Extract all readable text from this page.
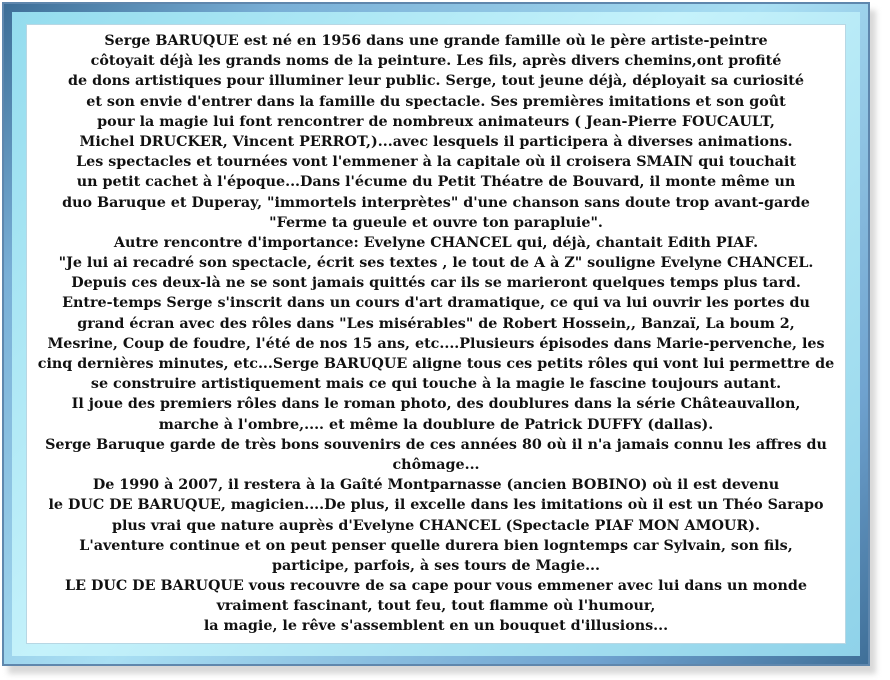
Serge BARUQUE est né en 1956 dans une grande famille où le père artiste-peintre
côtoyait déjà les grands noms de la peinture. Les fils, après divers chemins,ont profité
de dons artistiques pour illuminer leur public. Serge, tout jeune déjà, déployait sa curiosité
et son envie d'entrer dans la famille du spectacle. Ses premières imitations et son goût
pour la magie lui font rencontrer de nombreux animateurs ( Jean-Pierre FOUCAULT,
Michel DRUCKER, Vincent PERROT,)...avec lesquels il participera à diverses animations.
Les spectacles et tournées vont l'emmener à la capitale où il croisera SMAIN qui touchait
un petit cachet à l'époque...Dans l'écume du Petit Théatre de Bouvard, il monte même un
duo Baruque et Duperay, "immortels interprètes" d'une chanson sans doute trop avant-garde
"Ferme ta gueule et ouvre ton parapluie".
Autre rencontre d'importance: Evelyne CHANCEL qui, déjà, chantait Edith PIAF.
"Je lui ai recadré son spectacle, écrit ses textes , le tout de A à Z" souligne Evelyne CHANCEL.
Depuis ces deux-là ne se sont jamais quittés car ils se marieront quelques temps plus tard.
Entre-temps Serge s'inscrit dans un cours d'art dramatique, ce qui va lui ouvrir les portes du
grand écran avec des rôles dans "Les misérables" de Robert Hossein,, Banzaï, La boum 2,
Mesrine, Coup de foudre, l'été de nos 15 ans, etc....Plusieurs épisodes dans Marie-pervenche, les
cinq dernières minutes, etc...Serge BARUQUE aligne tous ces petits rôles qui vont lui permettre de
se construire artistiquement mais ce qui touche à la magie le fascine toujours autant.
Il joue des premiers rôles dans le roman photo, des doublures dans la série Châteauvallon,
marche à l'ombre,.... et même la doublure de Patrick DUFFY (dallas).
Serge Baruque garde de très bons souvenirs de ces années 80 où il n'a jamais connu les affres du
chômage...
De 1990 à 2007, il restera à la Gaîté Montparnasse (ancien BOBINO) où il est devenu
le DUC DE BARUQUE, magicien....De plus, il excelle dans les imitations où il est un Théo Sarapo
plus vrai que nature auprès d'Evelyne CHANCEL (Spectacle PIAF MON AMOUR).
L'aventure continue et on peut penser quelle durera bien logntemps car Sylvain, son fils,
participe, parfois, à ses tours de Magie...
LE DUC DE BARUQUE vous recouvre de sa cape pour vous emmener avec lui dans un monde
vraiment fascinant, tout feu, tout flamme où l'humour,
la magie, le rêve s'assemblent en un bouquet d'illusions...
